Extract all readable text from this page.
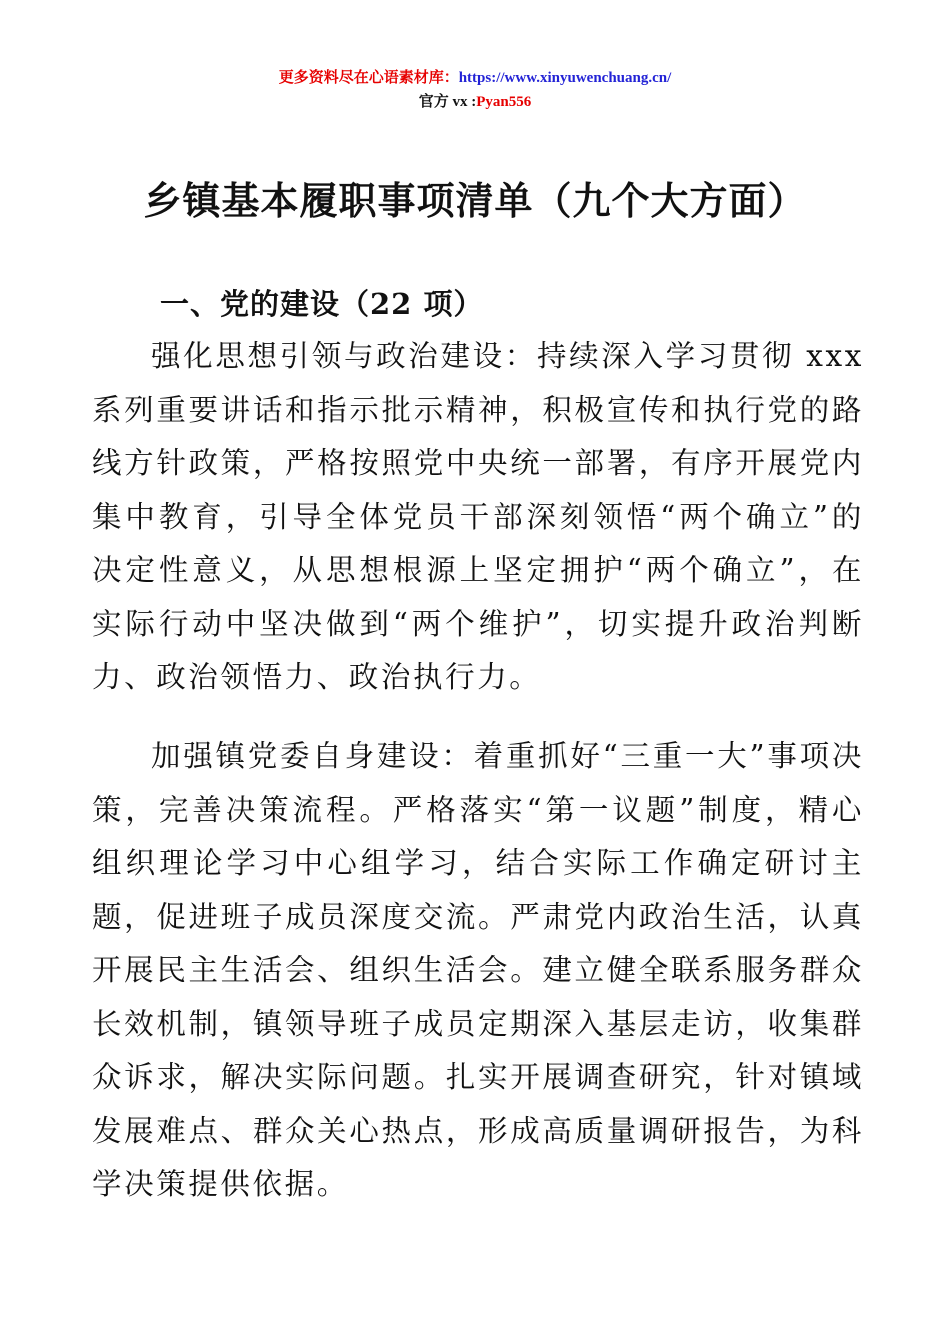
更多资料尽在心语素材库：https://www.xinyuwenchuang.cn/
官方 vx :Pyan556
乡镇基本履职事项清单（九个大方面）
一、党的建设（22 项）

强化思想引领与政治建设：持续深入学习贯彻 xxx 系列重要讲话和指示批示精神，积极宣传和执行党的路线方针政策，严格按照党中央统一部署，有序开展党内集中教育，引导全体党员干部深刻领悟“两个确立”的决定性意义，从思想根源上坚定拥护“两个确立”，在实际行动中坚决做到“两个维护”，切实提升政治判断力、政治领悟力、政治执行力。

加强镇党委自身建设：着重抓好“三重一大”事项决策，完善决策流程。严格落实“第一议题”制度，精心组织理论学习中心组学习，结合实际工作确定研讨主题，促进班子成员深度交流。严肃党内政治生活，认真开展民主生活会、组织生活会。建立健全联系服务群众长效机制，镇领导班子成员定期深入基层走访，收集群众诉求，解决实际问题。扎实开展调查研究，针对镇域发展难点、群众关心热点，形成高质量调研报告，为科学决策提供依据。
